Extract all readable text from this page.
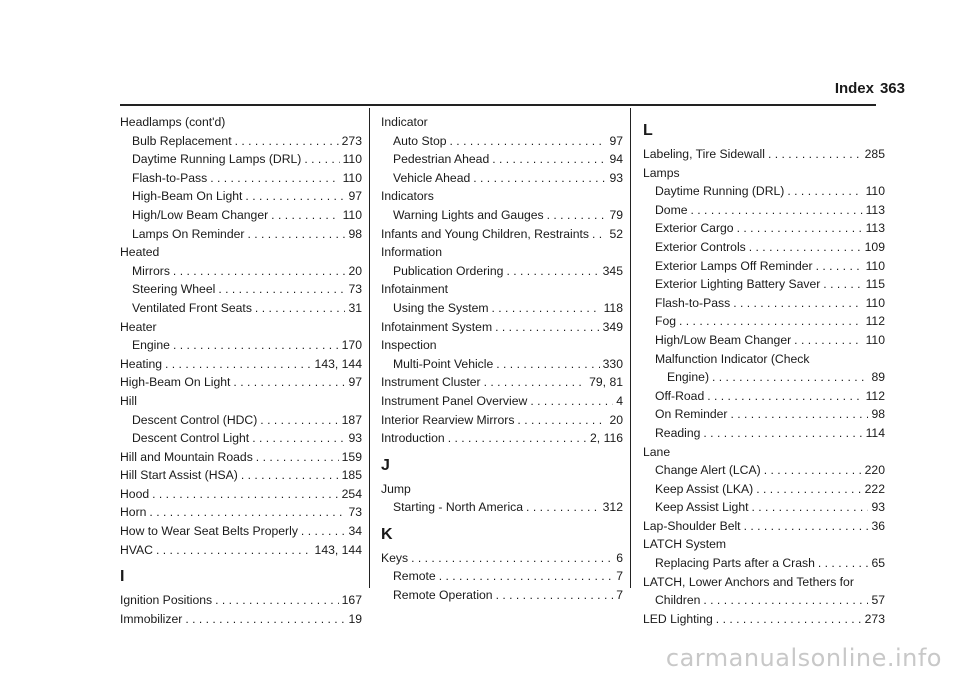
Index 363
Headlamps (cont'd)
Bulb Replacement . . .	273
Daytime Running Lamps (DRL) . . .	110
Flash-to-Pass . . .	110
High-Beam On Light . . .	97
High/Low Beam Changer . . .	110
Lamps On Reminder . . .	98
Heated
Mirrors . . .	20
Steering Wheel . . .	73
Ventilated Front Seats . . .	31
Heater
Engine . . .	170
Heating . . .	143, 144
High-Beam On Light . . .	97
Hill
Descent Control (HDC) . . .	187
Descent Control Light . . .	93
Hill and Mountain Roads . . .	159
Hill Start Assist (HSA) . . .	185
Hood . . .	254
Horn . . .	73
How to Wear Seat Belts Properly . . .	34
HVAC . . .	143, 144
I
Ignition Positions . . .	167
Immobilizer . . .	19
Indicator
Auto Stop . . .	97
Pedestrian Ahead . . .	94
Vehicle Ahead . . .	93
Indicators
Warning Lights and Gauges . . .	79
Infants and Young Children, Restraints . . . 52
Information
Publication Ordering . . .	345
Infotainment
Using the System . . .	118
Infotainment System . . .	349
Inspection
Multi-Point Vehicle . . .	330
Instrument Cluster . . .	79, 81
Instrument Panel Overview . . .	4
Interior Rearview Mirrors . . .	20
Introduction . . .	2, 116
J
Jump
Starting - North America . . .	312
K
Keys . . .	6
Remote . . .	7
Remote Operation . . .	7
L
Labeling, Tire Sidewall . . .	285
Lamps
Daytime Running (DRL) . . .	110
Dome . . .	113
Exterior Cargo . . .	113
Exterior Controls . . .	109
Exterior Lamps Off Reminder . . .	110
Exterior Lighting Battery Saver . . .	115
Flash-to-Pass . . .	110
Fog . . .	112
High/Low Beam Changer . . .	110
Malfunction Indicator (Check
Engine) . . .	89
Off-Road . . .	112
On Reminder . . .	98
Reading . . .	114
Lane
Change Alert (LCA) . . .	220
Keep Assist (LKA) . . .	222
Keep Assist Light . . .	93
Lap-Shoulder Belt . . .	36
LATCH System
Replacing Parts after a Crash . . .	65
LATCH, Lower Anchors and Tethers for
Children . . .	57
LED Lighting . . .	273
carmanualsonline.info
